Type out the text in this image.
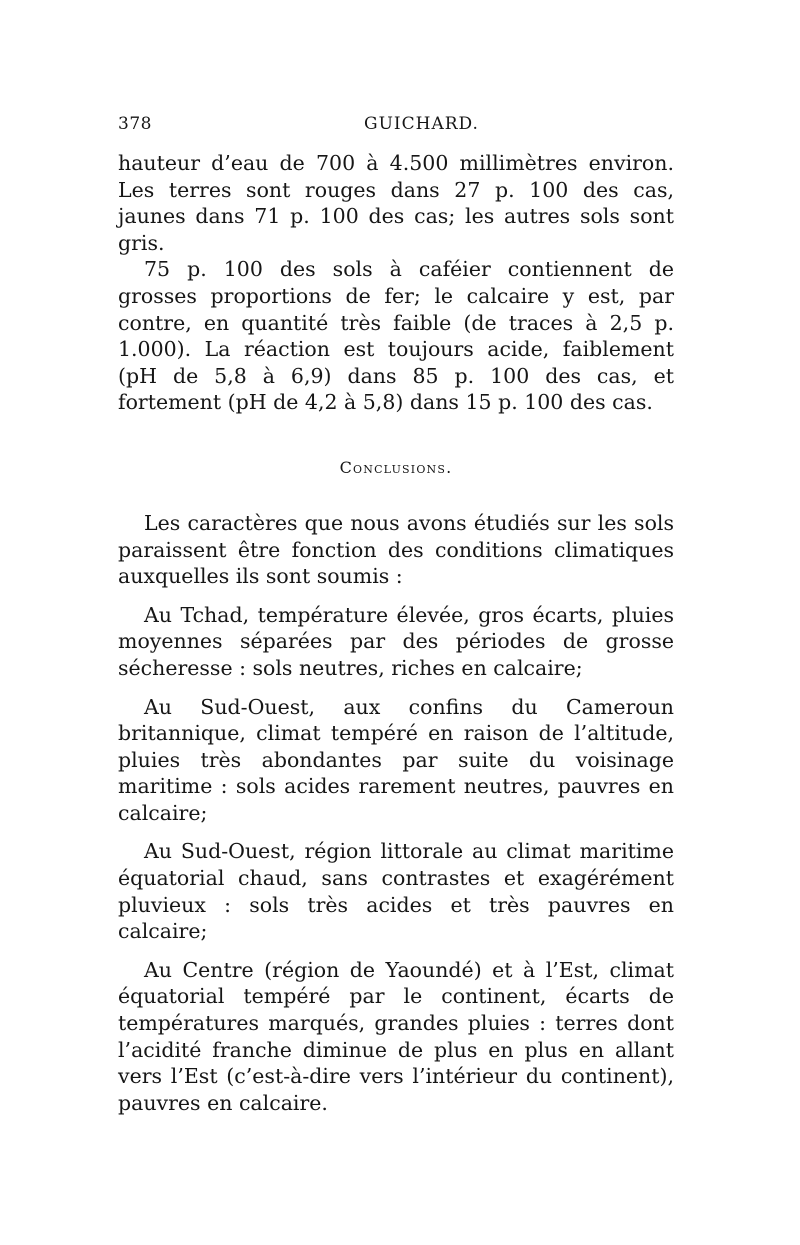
378	GUICHARD.

hauteur d’eau de 700 à 4.500 millimètres environ. Les terres sont rouges dans 27 p. 100 des cas, jaunes dans 71 p. 100 des cas; les autres sols sont gris.

75 p. 100 des sols à caféier contiennent de grosses proportions de fer; le calcaire y est, par contre, en quantité très faible (de traces à 2,5 p. 1.000). La réaction est toujours acide, faiblement (pH de 5,8 à 6,9) dans 85 p. 100 des cas, et fortement (pH de 4,2 à 5,8) dans 15 p. 100 des cas.

Conclusions.

Les caractères que nous avons étudiés sur les sols paraissent être fonction des conditions climatiques auxquelles ils sont soumis :

Au Tchad, température élevée, gros écarts, pluies moyennes séparées par des périodes de grosse sécheresse : sols neutres, riches en calcaire;

Au Sud-Ouest, aux confins du Cameroun britannique, climat tempéré en raison de l’altitude, pluies très abondantes par suite du voisinage maritime : sols acides rarement neutres, pauvres en calcaire;

Au Sud-Ouest, région littorale au climat maritime équatorial chaud, sans contrastes et exagérément pluvieux : sols très acides et très pauvres en calcaire;

Au Centre (région de Yaoundé) et à l’Est, climat équatorial tempéré par le continent, écarts de températures marqués, grandes pluies : terres dont l’acidité franche diminue de plus en plus en allant vers l’Est (c’est-à-dire vers l’intérieur du continent), pauvres en calcaire.
